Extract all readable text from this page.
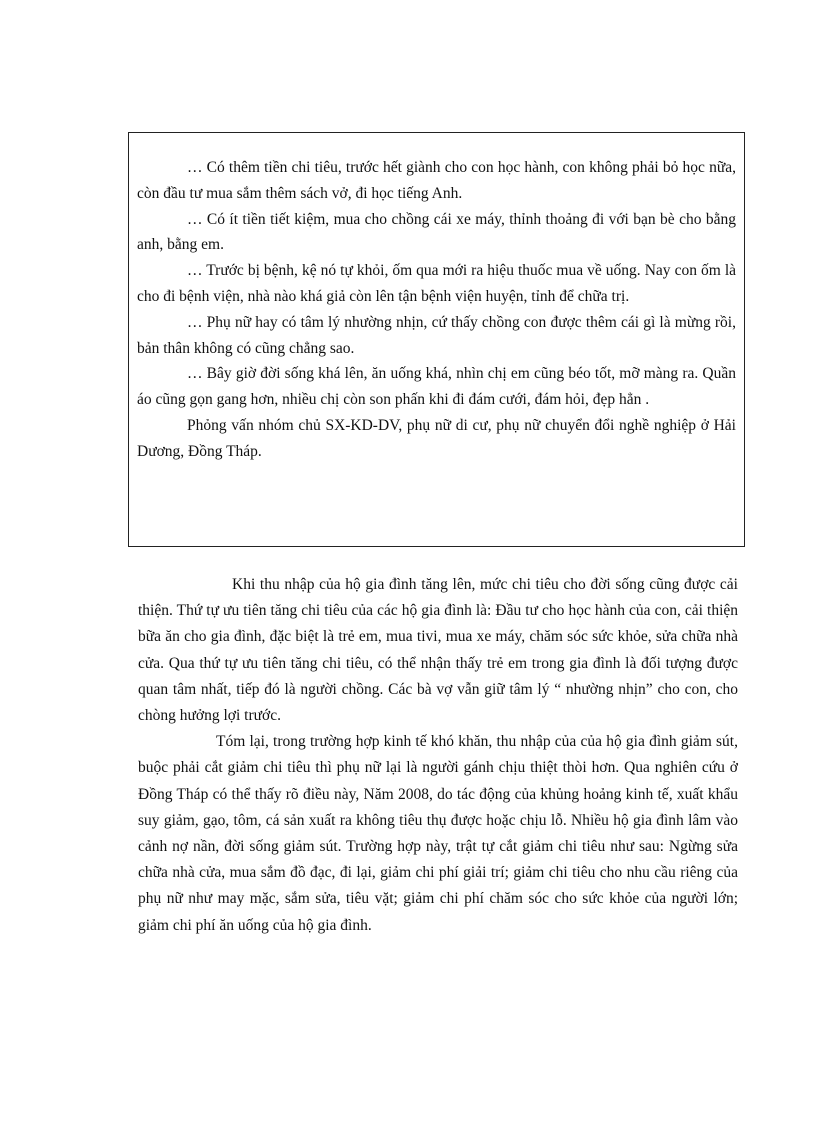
… Có thêm tiền chi tiêu, trước hết giành cho con học hành, con không phải bỏ học nữa, còn đầu tư mua sắm thêm sách vở, đi học tiếng Anh.

… Có ít tiền tiết kiệm, mua cho chồng cái xe máy, thỉnh thoảng đi với bạn bè cho bằng anh, bằng em.

… Trước bị bệnh, kệ nó tự khỏi, ốm qua mới ra hiệu thuốc mua về uống. Nay con ốm là cho đi bệnh viện, nhà nào khá giả còn lên tận bệnh viện huyện, tỉnh để chữa trị.

… Phụ nữ hay có tâm lý nhường nhịn, cứ thấy chồng con được thêm cái gì là mừng rồi, bản thân không có cũng chẳng sao.

… Bây giờ đời sống khá lên, ăn uống khá, nhìn chị em cũng béo tốt, mỡ màng ra. Quần áo cũng gọn gang hơn, nhiều chị còn son phấn khi đi đám cưới, đám hỏi, đẹp hẳn .

Phỏng vấn nhóm chủ SX-KD-DV, phụ nữ di cư, phụ nữ chuyển đổi nghề nghiệp ở Hải Dương, Đồng Tháp.

Khi thu nhập của hộ gia đình tăng lên, mức chi tiêu cho đời sống cũng được cải thiện. Thứ tự ưu tiên tăng chi tiêu của các hộ gia đình là: Đầu tư cho học hành của con, cải thiện bữa ăn cho gia đình, đặc biệt là trẻ em, mua tivi, mua xe máy, chăm sóc sức khỏe, sửa chữa nhà cửa. Qua thứ tự ưu tiên tăng chi tiêu, có thể nhận thấy trẻ em trong gia đình là đối tượng được quan tâm nhất, tiếp đó là người chồng. Các bà vợ vẫn giữ tâm lý “ nhường nhịn” cho con, cho chòng hưởng lợi trước.

Tóm lại, trong trường hợp kinh tế khó khăn, thu nhập của của hộ gia đình giảm sút, buộc phải cắt giảm chi tiêu thì phụ nữ lại là người gánh chịu thiệt thòi hơn. Qua nghiên cứu ở Đồng Tháp có thể thấy rõ điều này, Năm 2008, do tác động của khủng hoảng kinh tế, xuất khẩu suy giảm, gạo, tôm, cá sản xuất ra không tiêu thụ được hoặc chịu lỗ. Nhiều hộ gia đình lâm vào cảnh nợ nần, đời sống giảm sút. Trường hợp này, trật tự cắt giảm chi tiêu như sau: Ngừng sửa chữa nhà cửa, mua sắm đồ đạc, đi lại, giảm chi phí giải trí; giảm chi tiêu cho nhu cầu riêng của phụ nữ như may mặc, sắm sửa, tiêu vặt; giảm chi phí chăm sóc cho sức khỏe của người lớn; giảm chi phí ăn uống của hộ gia đình.
